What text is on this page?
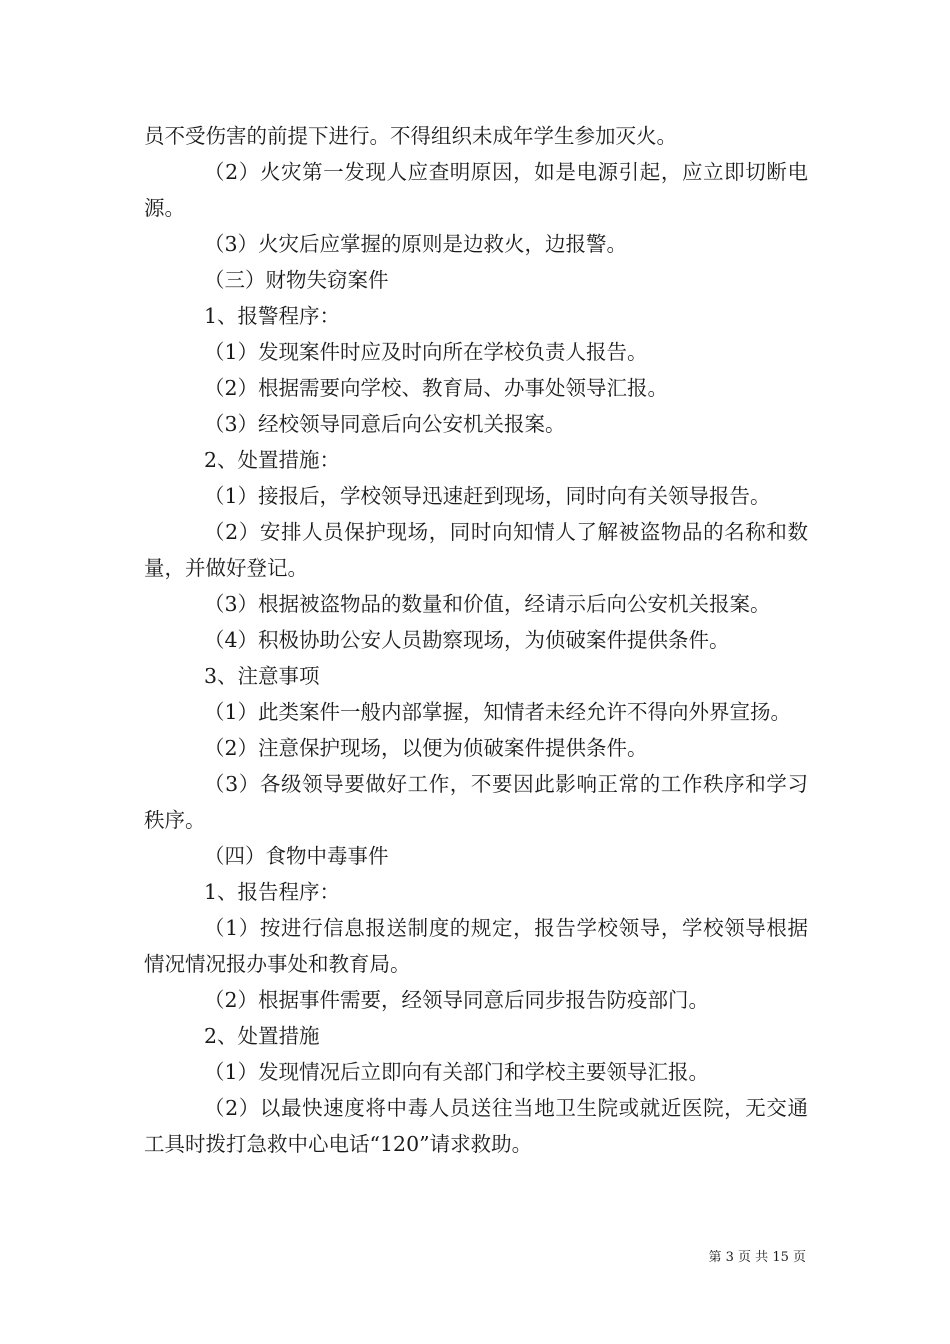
员不受伤害的前提下进行。不得组织未成年学生参加灭火。

（2）火灾第一发现人应查明原因，如是电源引起，应立即切断电源。

（3）火灾后应掌握的原则是边救火，边报警。

（三）财物失窃案件

1、报警程序：

（1）发现案件时应及时向所在学校负责人报告。

（2）根据需要向学校、教育局、办事处领导汇报。

（3）经校领导同意后向公安机关报案。

2、处置措施：

（1）接报后，学校领导迅速赶到现场，同时向有关领导报告。

（2）安排人员保护现场，同时向知情人了解被盗物品的名称和数量，并做好登记。

（3）根据被盗物品的数量和价值，经请示后向公安机关报案。

（4）积极协助公安人员勘察现场，为侦破案件提供条件。

3、注意事项

（1）此类案件一般内部掌握，知情者未经允许不得向外界宣扬。

（2）注意保护现场，以便为侦破案件提供条件。

（3）各级领导要做好工作，不要因此影响正常的工作秩序和学习秩序。

（四）食物中毒事件

1、报告程序：

（1）按进行信息报送制度的规定，报告学校领导，学校领导根据情况情况报办事处和教育局。

（2）根据事件需要，经领导同意后同步报告防疫部门。

2、处置措施

（1）发现情况后立即向有关部门和学校主要领导汇报。

（2）以最快速度将中毒人员送往当地卫生院或就近医院，无交通工具时拨打急救中心电话“120”请求救助。

第 3 页 共 15 页
